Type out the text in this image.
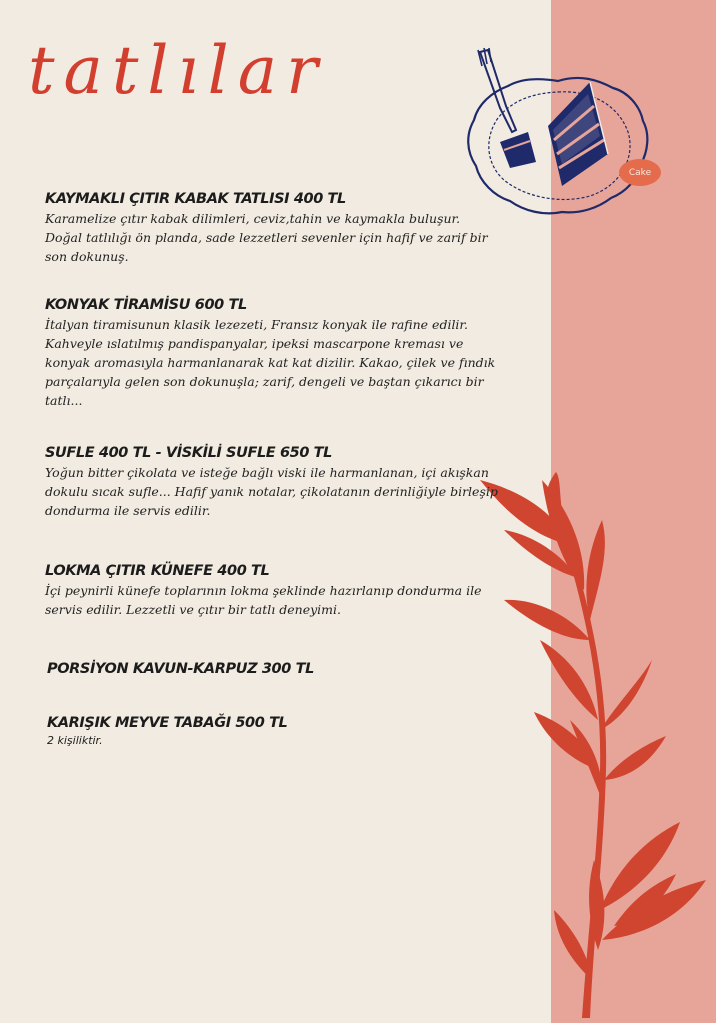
tatlılar
Cake
KAYMAKLI ÇITIR KABAK TATLISI 400 TL
Karamelize çıtır kabak dilimleri, ceviz,tahin ve kaymakla buluşur. Doğal tatlılığı ön planda, sade lezzetleri sevenler için hafif ve zarif bir son dokunuş.
KONYAK TİRAMİSU 600 TL
İtalyan tiramisunun klasik lezezeti, Fransız konyak ile rafine edilir. Kahveyle ıslatılmış pandispanyalar, ipeksi mascarpone kreması ve konyak aromasıyla harmanlanarak kat kat dizilir. Kakao, çilek ve fındık parçalarıyla gelen son dokunuşla; zarif, dengeli ve baştan çıkarıcı bir tatlı...
SUFLE 400 TL - VİSKİLİ SUFLE 650 TL
Yoğun bitter çikolata ve isteğe bağlı viski ile harmanlanan, içi akışkan dokulu sıcak sufle... Hafif yanık notalar, çikolatanın derinliğiyle birleşip dondurma ile servis edilir.
LOKMA ÇITIR KÜNEFE 400 TL
İçi peynirli künefe toplarının lokma şeklinde hazırlanıp dondurma ile servis edilir. Lezzetli ve çıtır bir tatlı deneyimi.
PORSİYON KAVUN-KARPUZ 300 TL
KARIŞIK MEYVE TABAĞI 500 TL
2 kişiliktir.
